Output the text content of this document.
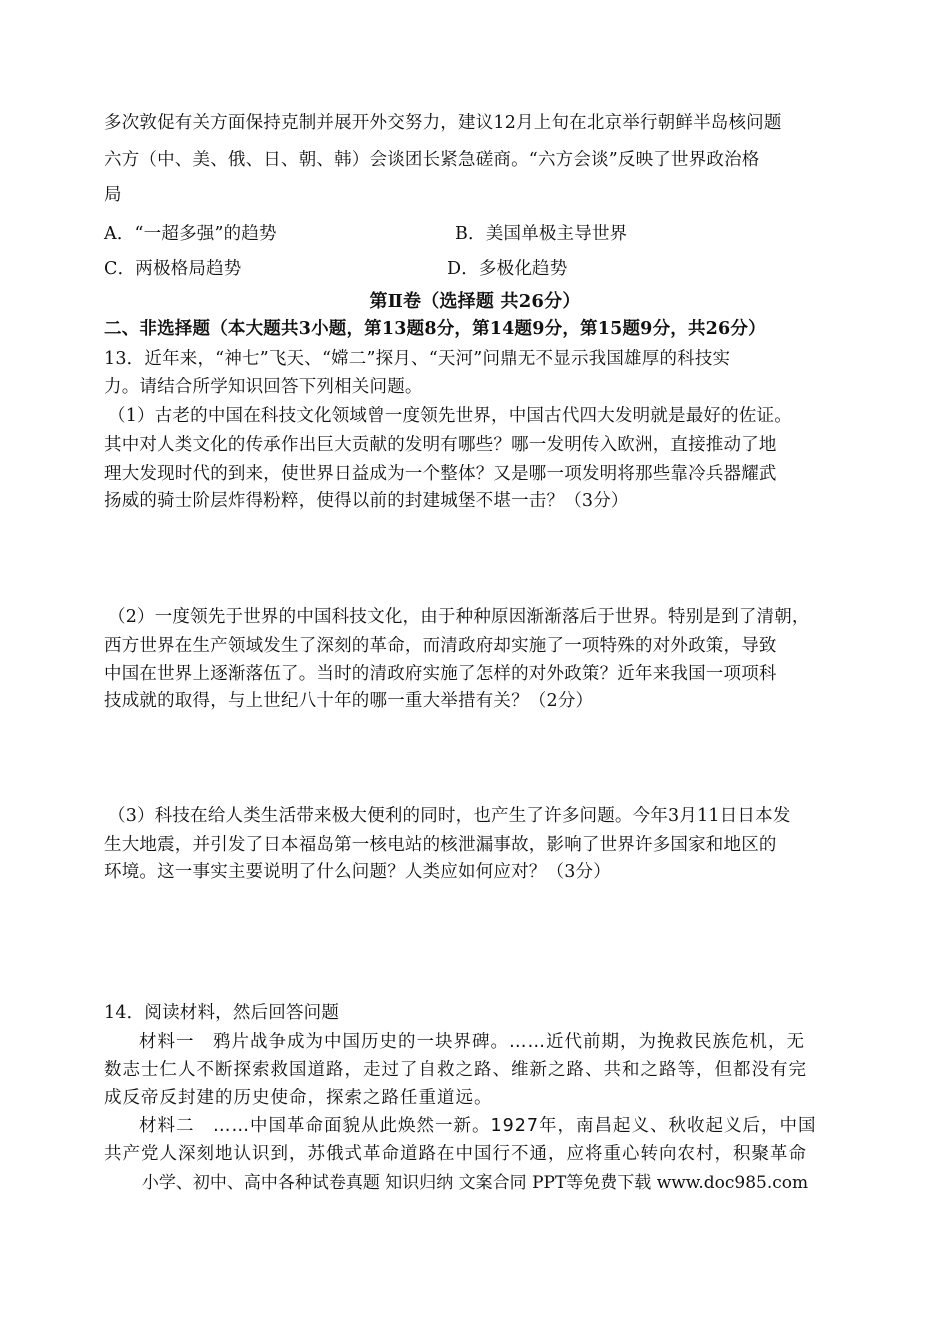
多次敦促有关方面保持克制并展开外交努力，建议12月上旬在北京举行朝鲜半岛核问题
六方（中、美、俄、日、朝、韩）会谈团长紧急磋商。“六方会谈”反映了世界政治格
局
A．“一超多强”的趋势	B．美国单极主导世界
C．两极格局趋势	D．多极化趋势
第Ⅱ卷（选择题 共26分）
二、非选择题（本大题共3小题，第13题8分，第14题9分，第15题9分，共26分）
13．近年来，“神七”飞天、“嫦二”探月、“天河”问鼎无不显示我国雄厚的科技实
力。请结合所学知识回答下列相关问题。
（1）古老的中国在科技文化领域曾一度领先世界，中国古代四大发明就是最好的佐证。
其中对人类文化的传承作出巨大贡献的发明有哪些？哪一发明传入欧洲，直接推动了地
理大发现时代的到来，使世界日益成为一个整体？又是哪一项发明将那些靠冷兵器耀武
扬威的骑士阶层炸得粉粹，使得以前的封建城堡不堪一击？（3分）
（2）一度领先于世界的中国科技文化，由于种种原因渐渐落后于世界。特别是到了清朝，
西方世界在生产领域发生了深刻的革命，而清政府却实施了一项特殊的对外政策，导致
中国在世界上逐渐落伍了。当时的清政府实施了怎样的对外政策？近年来我国一项项科
技成就的取得，与上世纪八十年的哪一重大举措有关？（2分）
（3）科技在给人类生活带来极大便利的同时，也产生了许多问题。今年3月11日日本发
生大地震，并引发了日本福岛第一核电站的核泄漏事故，影响了世界许多国家和地区的
环境。这一事实主要说明了什么问题？人类应如何应对？（3分）
14．阅读材料，然后回答问题
材料一　鸦片战争成为中国历史的一块界碑。……近代前期，为挽救民族危机，无
数志士仁人不断探索救国道路，走过了自救之路、维新之路、共和之路等，但都没有完
成反帝反封建的历史使命，探索之路任重道远。
材料二　……中国革命面貌从此焕然一新。1927年，南昌起义、秋收起义后，中国
共产党人深刻地认识到，苏俄式革命道路在中国行不通，应将重心转向农村，积聚革命
小学、初中、高中各种试卷真题 知识归纳 文案合同 PPT等免费下载 www.doc985.com
